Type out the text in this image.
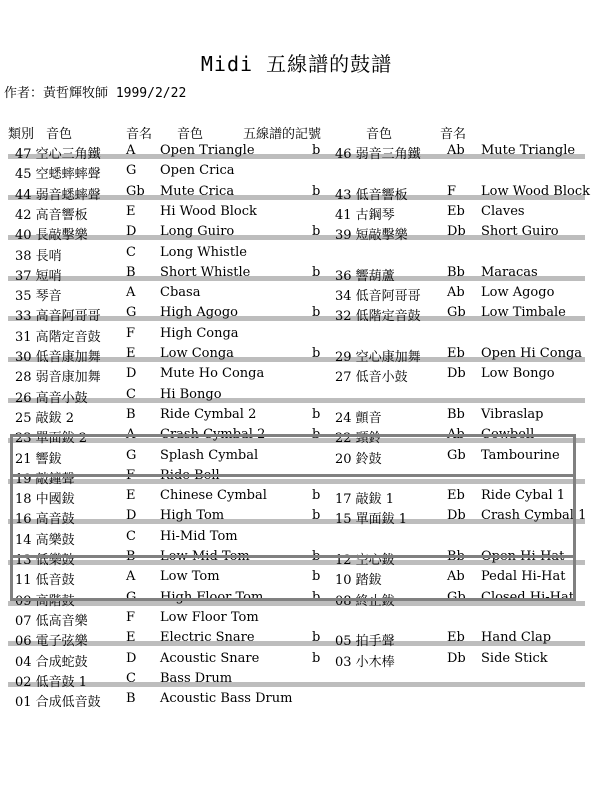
Midi 五線譜的鼓譜
作者：黃哲輝牧師 1999/2/22
類別 音色	音名 音色	五線譜的記號	音色	音名
47 空心三角鐵 A Open Triangle	b 46 弱音三角鐵 Ab Mute Triangle
45 空蟋蟀蟀聲 G Open Crica
44 弱音蟋蟀聲 Gb Mute Crica	b 43 低音響板	F Low Wood Block
42 高音響板	E Hi Wood Block	41 古鋼琴	Eb Claves
40 長敲擊樂	D Long Guiro	b 39 短敲擊樂	Db Short Guiro
38 長哨	C Long Whistle
37 短哨	B Short Whistle	b 36 響葫蘆	Bb Maracas
35 琴音	A Cbasa	34 低音阿哥哥 Ab Low Agogo
33 高音阿哥哥 G High Agogo	b 32 低階定音鼓 Gb Low Timbale
31 高階定音鼓 F High Conga
30 低音康加舞 E Low Conga	b 29 空心康加舞 Eb Open Hi Conga
28 弱音康加舞 D Mute Ho Conga	27 低音小鼓	Db Low Bongo
26 高音小鼓	C Hi Bongo
25 敲鈸 2	B Ride Cymbal 2	b 24 顫音	Bb Vibraslap
23 單面鈸 2	A Crash Cymbal 2	b 22 頸鈴	Ab Cowbell
21 響鈸	G Splash Cymbal	20 鈴鼓	Gb Tambourine
19 敲鐘聲	F Ride Bell
18 中國鈸	E Chinese Cymbal	b 17 敲鈸 1	Eb Ride Cybal 1
16 高音鼓	D High Tom	b 15 單面鈸 1	Db Crash Cymbal 1
14 高樂鼓	C Hi-Mid Tom
13 低樂鼓	B Low-Mid Tom	b 12 空心鈸	Bb Open Hi-Hat
11 低音鼓	A Low Tom	b 10 踏鈸	Ab Pedal Hi-Hat
09 高階鼓	G High Floor Tom	b 08 終止鈸	Gb Closed Hi-Hat
07 低高音樂	F Low Floor Tom
06 電子弦樂	E Electric Snare	b 05 拍手聲	Eb Hand Clap
04 合成蛇鼓	D Acoustic Snare	b 03 小木棒	Db Side Stick
02 低音鼓 1	C Bass Drum
01 合成低音鼓 B Acoustic Bass Drum
